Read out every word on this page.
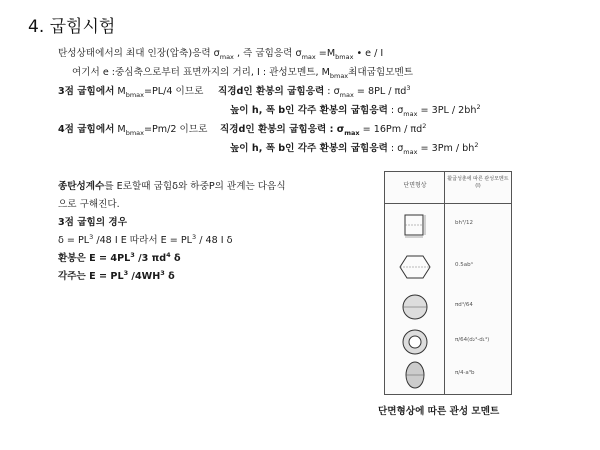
4. 굽힘시험
탄성상태에서의 최대 인장(압축)응력 $\sigma_{max}$ , 즉 굽힘응력 $\sigma_{max} =M_{bmax}$ • e / I
여기서 e :중심축으로부터 표면까지의 거리, I : 관성모멘트, $M_{bmax}$최대굽힘모멘트
3점 굽힘에서 $M_{bmax}=PL/4$ 이므로 직경d인 환봉의 굽힘응력 : $\sigma_{max} = 8PL / \pi d^3$
높이 h, 폭 b인 각주 환봉의 굽힘응력 : $\sigma_{max} = 3PL / 2bh^2$
4점 굽힘에서 $M_{bmax}=Pm/2$ 이므로 직경d인 환봉의 굽힘응력 : $\sigma_{max} = 16Pm / \pi d^2$
높이 h, 폭 b인 각주 환봉의 굽힘응력 : $\sigma_{max} = 3Pm / bh^2$
종탄성계수를 E로할때 굽힘δ와 하중P의 관계는 다음식
으로 구해진다.
3점 굽힘의 경우
$\delta = PL^3$ /48 I E 따라서 $E = PL^3 / 48$ I δ
환봉은 $E = 4PL^3$ /3 $\pi d^4$ δ
각주는 $E = PL^3$ $/4WH^3$ δ
단면형상
활굽성춘에 따른 관성모멘트(I)
bh³/12
0.5ab⁴
πd⁴/64
π/64(d₂⁴-d₁⁴)
π/4·a³b
단면형상에 따른 관성 모멘트
